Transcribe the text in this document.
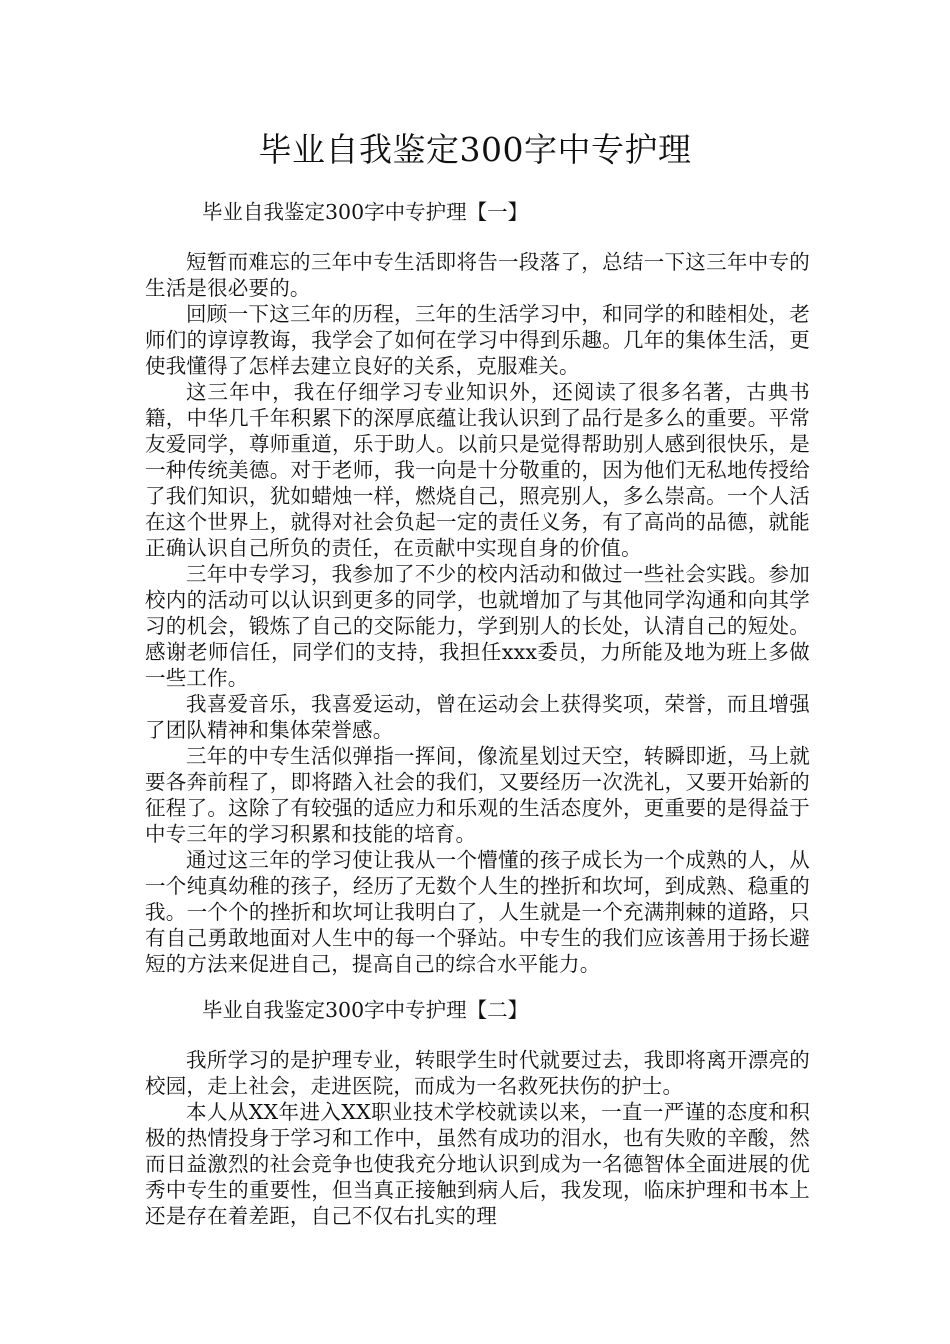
毕业自我鉴定300字中专护理
毕业自我鉴定300字中专护理【一】

短暂而难忘的三年中专生活即将告一段落了，总结一下这三年中专的生活是很必要的。

回顾一下这三年的历程，三年的生活学习中，和同学的和睦相处，老师们的谆谆教诲，我学会了如何在学习中得到乐趣。几年的集体生活，更使我懂得了怎样去建立良好的关系，克服难关。

这三年中，我在仔细学习专业知识外，还阅读了很多名著，古典书籍，中华几千年积累下的深厚底蕴让我认识到了品行是多么的重要。平常友爱同学，尊师重道，乐于助人。以前只是觉得帮助别人感到很快乐，是一种传统美德。对于老师，我一向是十分敬重的，因为他们无私地传授给了我们知识，犹如蜡烛一样，燃烧自己，照亮别人，多么崇高。一个人活在这个世界上，就得对社会负起一定的责任义务，有了高尚的品德，就能正确认识自己所负的责任，在贡献中实现自身的价值。

三年中专学习，我参加了不少的校内活动和做过一些社会实践。参加校内的活动可以认识到更多的同学，也就增加了与其他同学沟通和向其学习的机会，锻炼了自己的交际能力，学到别人的长处，认清自己的短处。感谢老师信任，同学们的支持，我担任xxx委员，力所能及地为班上多做一些工作。

我喜爱音乐，我喜爱运动，曾在运动会上获得奖项，荣誉，而且增强了团队精神和集体荣誉感。

三年的中专生活似弹指一挥间，像流星划过天空，转瞬即逝，马上就要各奔前程了，即将踏入社会的我们，又要经历一次洗礼，又要开始新的征程了。这除了有较强的适应力和乐观的生活态度外，更重要的是得益于中专三年的学习积累和技能的培育。

通过这三年的学习使让我从一个懵懂的孩子成长为一个成熟的人，从一个纯真幼稚的孩子，经历了无数个人生的挫折和坎坷，到成熟、稳重的我。一个个的挫折和坎坷让我明白了，人生就是一个充满荆棘的道路，只有自己勇敢地面对人生中的每一个驿站。中专生的我们应该善用于扬长避短的方法来促进自己，提高自己的综合水平能力。

毕业自我鉴定300字中专护理【二】

我所学习的是护理专业，转眼学生时代就要过去，我即将离开漂亮的校园，走上社会，走进医院，而成为一名救死扶伤的护士。

本人从XX年进入XX职业技术学校就读以来，一直一严谨的态度和积极的热情投身于学习和工作中，虽然有成功的泪水，也有失败的辛酸，然而日益激烈的社会竞争也使我充分地认识到成为一名德智体全面进展的优秀中专生的重要性，但当真正接触到病人后，我发现，临床护理和书本上还是存在着差距，自己不仅右扎实的理
